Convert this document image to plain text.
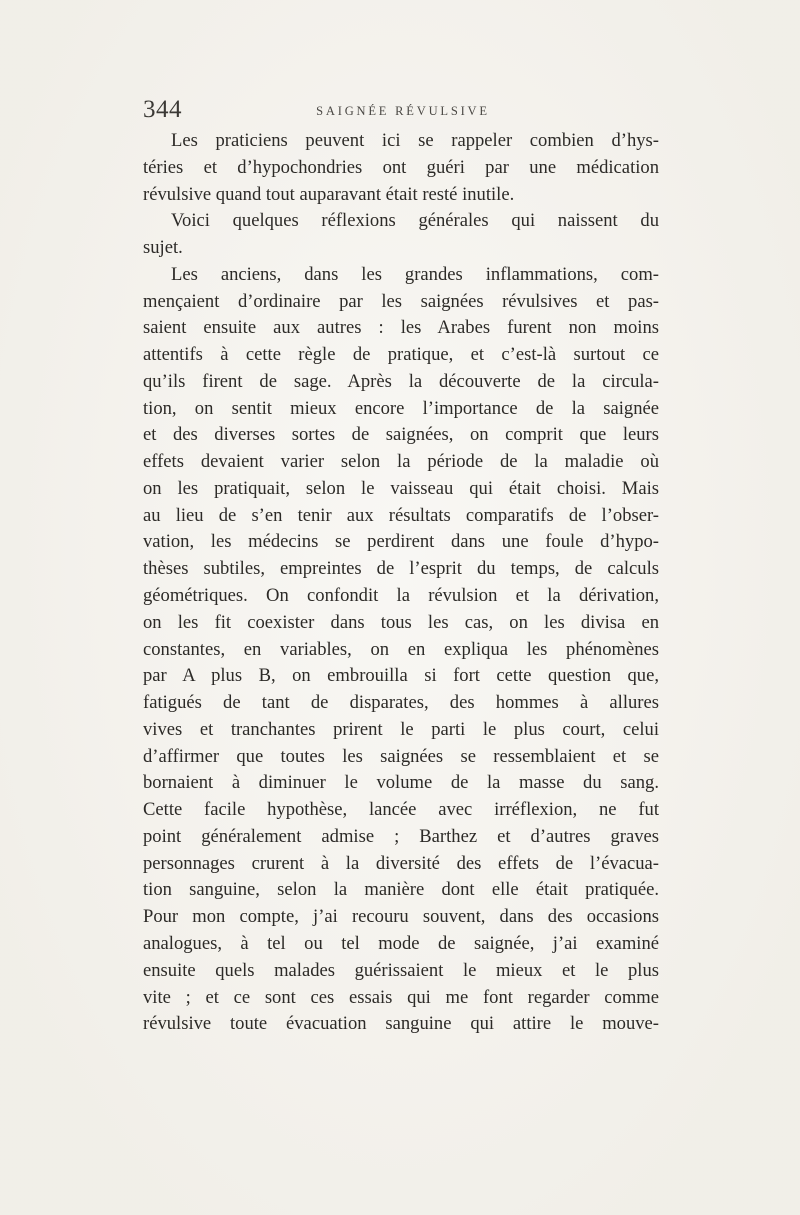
344	SAIGNÉE RÉVULSIVE
Les praticiens peuvent ici se rappeler combien d’hys-
téries et d’hypochondries ont guéri par une médication
révulsive quand tout auparavant était resté inutile.
Voici quelques réflexions générales qui naissent du
sujet.
Les anciens, dans les grandes inflammations, com-
mençaient d’ordinaire par les saignées révulsives et pas-
saient ensuite aux autres : les Arabes furent non moins
attentifs à cette règle de pratique, et c’est-là surtout ce
qu’ils firent de sage. Après la découverte de la circula-
tion, on sentit mieux encore l’importance de la saignée
et des diverses sortes de saignées, on comprit que leurs
effets devaient varier selon la période de la maladie où
on les pratiquait, selon le vaisseau qui était choisi. Mais
au lieu de s’en tenir aux résultats comparatifs de l’obser-
vation, les médecins se perdirent dans une foule d’hypo-
thèses subtiles, empreintes de l’esprit du temps, de calculs
géométriques. On confondit la révulsion et la dérivation,
on les fit coexister dans tous les cas, on les divisa en
constantes, en variables, on en expliqua les phénomènes
par A plus B, on embrouilla si fort cette question que,
fatigués de tant de disparates, des hommes à allures
vives et tranchantes prirent le parti le plus court, celui
d’affirmer que toutes les saignées se ressemblaient et se
bornaient à diminuer le volume de la masse du sang.
Cette facile hypothèse, lancée avec irréflexion, ne fut
point généralement admise ; Barthez et d’autres graves
personnages crurent à la diversité des effets de l’évacua-
tion sanguine, selon la manière dont elle était pratiquée.
Pour mon compte, j’ai recouru souvent, dans des occasions
analogues, à tel ou tel mode de saignée, j’ai examiné
ensuite quels malades guérissaient le mieux et le plus
vite ; et ce sont ces essais qui me font regarder comme
révulsive toute évacuation sanguine qui attire le mouve-
